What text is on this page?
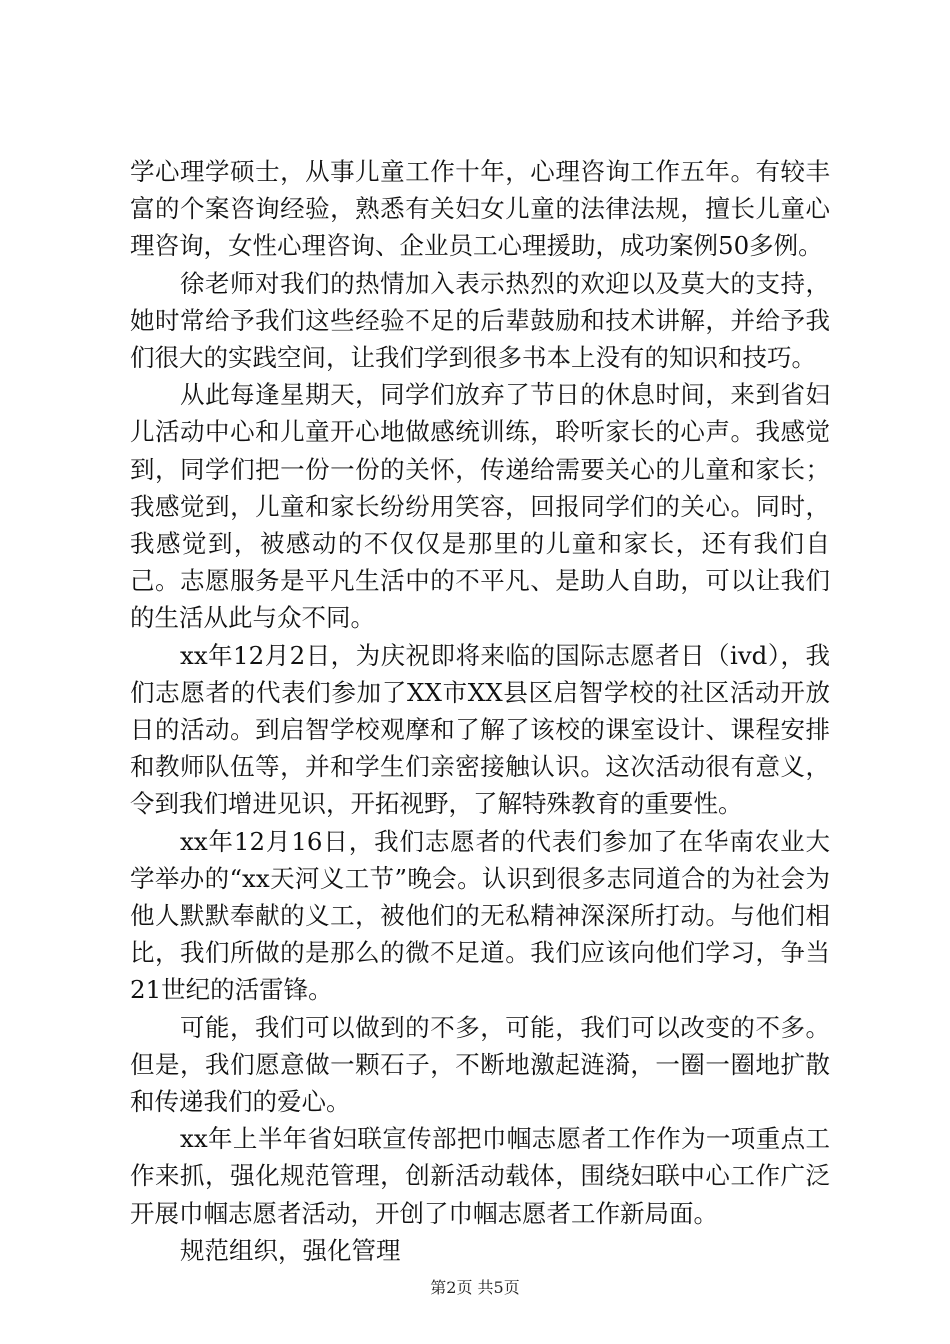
学心理学硕士，从事儿童工作十年，心理咨询工作五年。有较丰富的个案咨询经验，熟悉有关妇女儿童的法律法规，擅长儿童心理咨询，女性心理咨询、企业员工心理援助，成功案例50多例。

徐老师对我们的热情加入表示热烈的欢迎以及莫大的支持，她时常给予我们这些经验不足的后辈鼓励和技术讲解，并给予我们很大的实践空间，让我们学到很多书本上没有的知识和技巧。

从此每逢星期天，同学们放弃了节日的休息时间，来到省妇儿活动中心和儿童开心地做感统训练，聆听家长的心声。我感觉到，同学们把一份一份的关怀，传递给需要关心的儿童和家长；我感觉到，儿童和家长纷纷用笑容，回报同学们的关心。同时，我感觉到，被感动的不仅仅是那里的儿童和家长，还有我们自己。志愿服务是平凡生活中的不平凡、是助人自助，可以让我们的生活从此与众不同。

xx年12月2日，为庆祝即将来临的国际志愿者日（ivd），我们志愿者的代表们参加了XX市XX县区启智学校的社区活动开放日的活动。到启智学校观摩和了解了该校的课室设计、课程安排和教师队伍等，并和学生们亲密接触认识。这次活动很有意义，令到我们增进见识，开拓视野，了解特殊教育的重要性。

xx年12月16日，我们志愿者的代表们参加了在华南农业大学举办的“xx天河义工节”晚会。认识到很多志同道合的为社会为他人默默奉献的义工，被他们的无私精神深深所打动。与他们相比，我们所做的是那么的微不足道。我们应该向他们学习，争当21世纪的活雷锋。

可能，我们可以做到的不多，可能，我们可以改变的不多。但是，我们愿意做一颗石子，不断地激起涟漪，一圈一圈地扩散和传递我们的爱心。

xx年上半年省妇联宣传部把巾帼志愿者工作作为一项重点工作来抓，强化规范管理，创新活动载体，围绕妇联中心工作广泛开展巾帼志愿者活动，开创了巾帼志愿者工作新局面。

规范组织，强化管理

第2页 共5页
